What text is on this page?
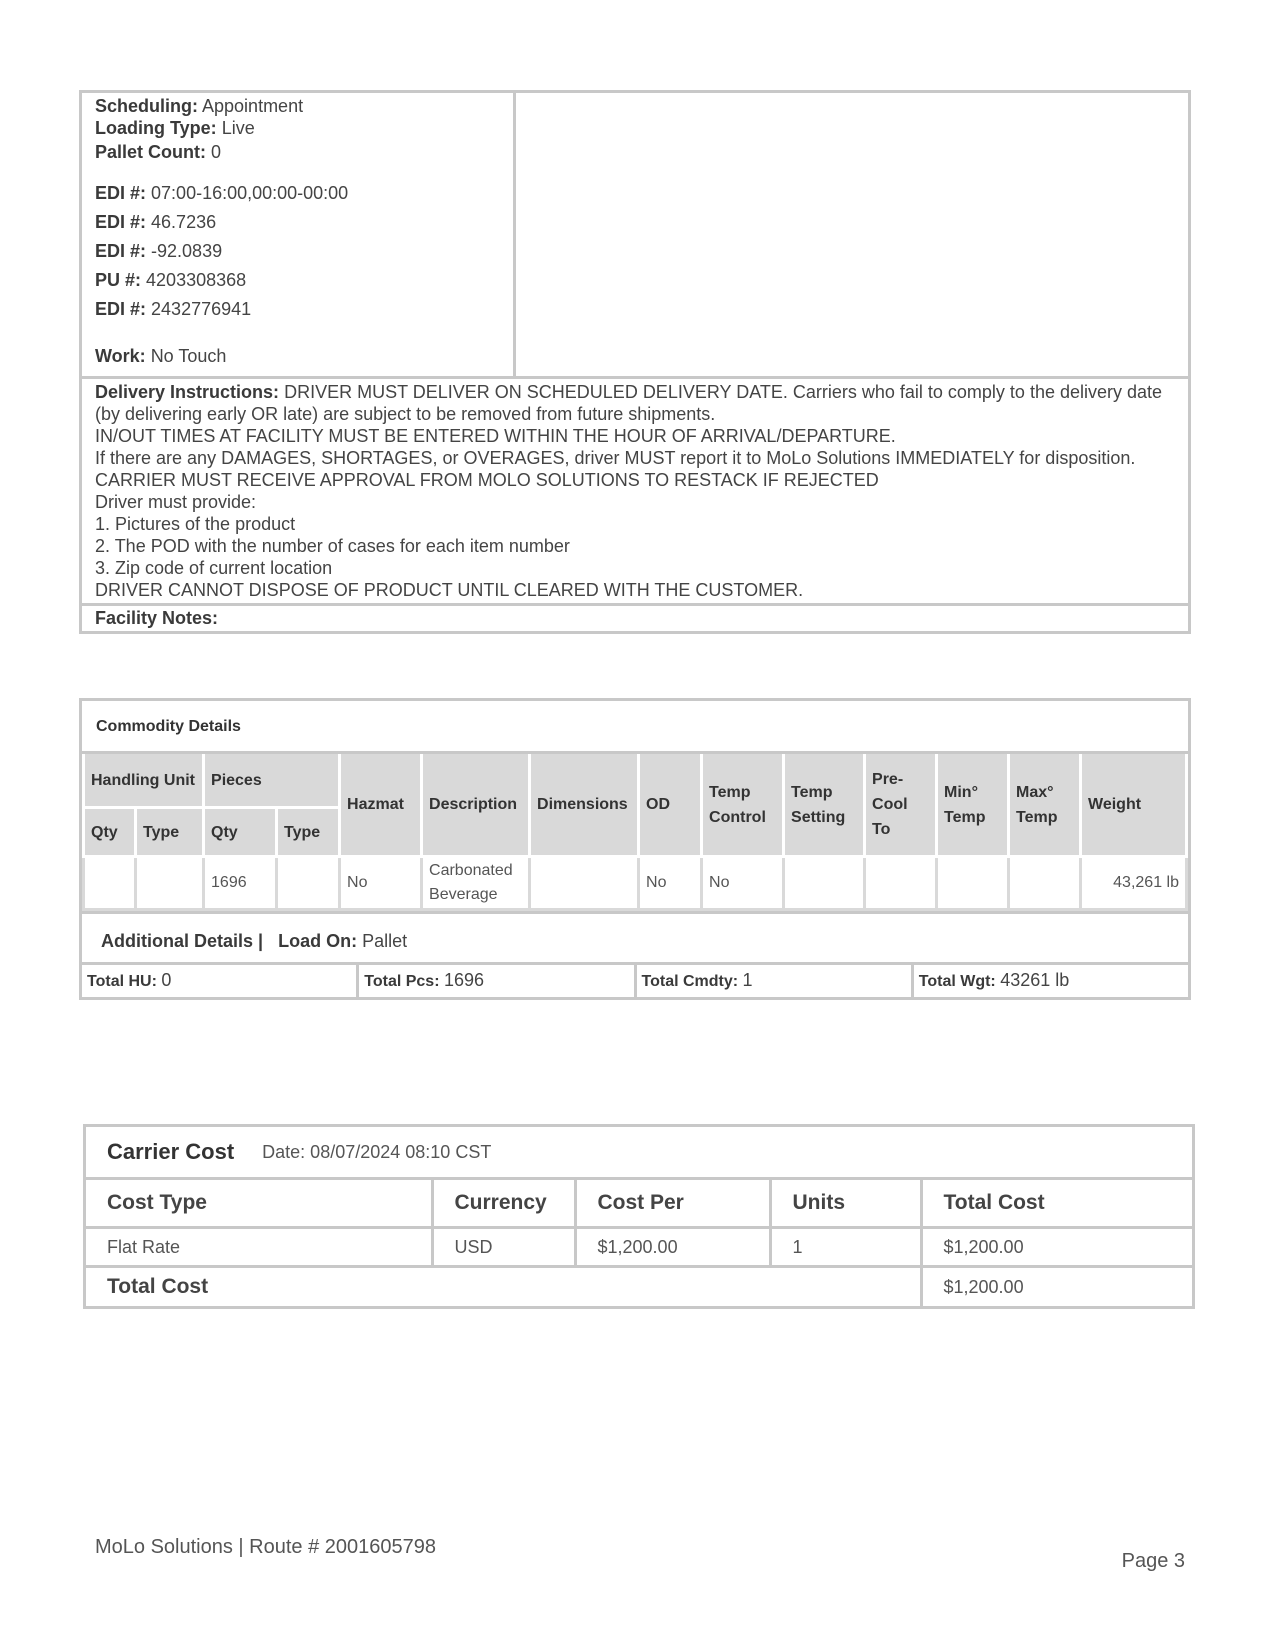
Scheduling: Appointment
Loading Type: Live
Pallet Count: 0
EDI #: 07:00-16:00,00:00-00:00
EDI #: 46.7236
EDI #: -92.0839
PU #: 4203308368
EDI #: 2432776941
Work: No Touch
Delivery Instructions: DRIVER MUST DELIVER ON SCHEDULED DELIVERY DATE. Carriers who fail to comply to the delivery date (by delivering early OR late) are subject to be removed from future shipments.
IN/OUT TIMES AT FACILITY MUST BE ENTERED WITHIN THE HOUR OF ARRIVAL/DEPARTURE.
If there are any DAMAGES, SHORTAGES, or OVERAGES, driver MUST report it to MoLo Solutions IMMEDIATELY for disposition.
CARRIER MUST RECEIVE APPROVAL FROM MOLO SOLUTIONS TO RESTACK IF REJECTED
Driver must provide:
1. Pictures of the product
2. The POD with the number of cases for each item number
3. Zip code of current location
DRIVER CANNOT DISPOSE OF PRODUCT UNTIL CLEARED WITH THE CUSTOMER.
Facility Notes:
Commodity Details
Handling Unit		Pieces		Hazmat	Description	Dimensions	OD	Temp Control	Temp Setting	Pre-Cool To	Min° Temp	Max° Temp	Weight
Qty	Type	Qty	Type										
		1696		No	Carbonated Beverage		No	No					43,261 lb
Additional Details | Load On: Pallet
Total HU: 0	Total Pcs: 1696	Total Cmdty: 1	Total Wgt: 43261 lb
Carrier Cost Date: 08/07/2024 08:10 CST
Cost Type	Currency	Cost Per	Units	Total Cost
Flat Rate	USD	$1,200.00	1	$1,200.00
Total Cost				$1,200.00
MoLo Solutions | Route # 2001605798
Page 3
